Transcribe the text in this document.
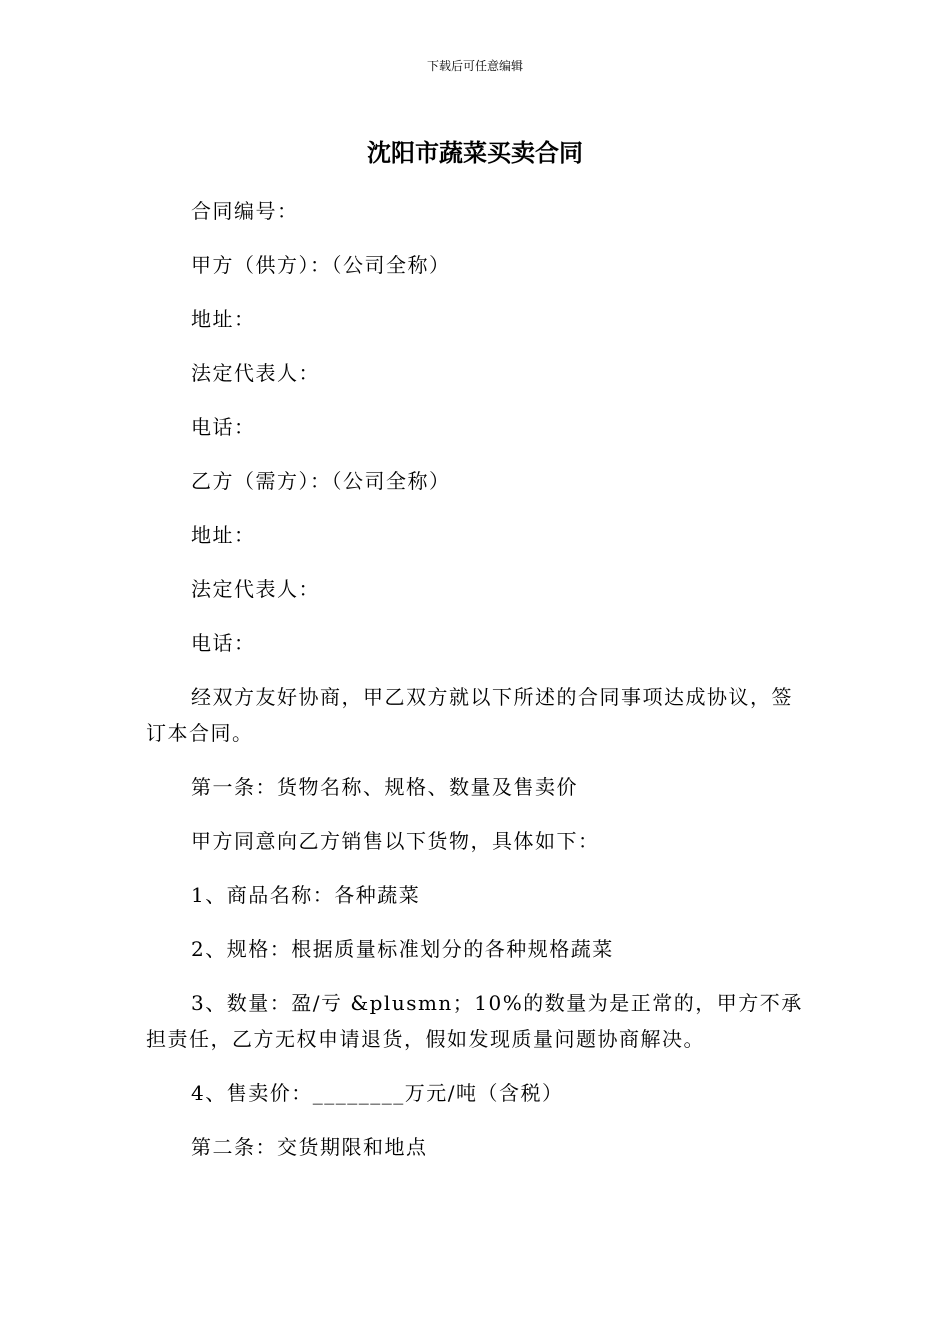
下载后可任意编辑
沈阳市蔬菜买卖合同

合同编号：

甲方（供方）：（公司全称）

地址：

法定代表人：

电话：

乙方（需方）：（公司全称）

地址：

法定代表人：

电话：

经双方友好协商，甲乙双方就以下所述的合同事项达成协议，签订本合同。

第一条：货物名称、规格、数量及售卖价

甲方同意向乙方销售以下货物，具体如下：

1、商品名称：各种蔬菜

2、规格：根据质量标准划分的各种规格蔬菜

3、数量：盈/亏 &plusmn；10%的数量为是正常的，甲方不承担责任，乙方无权申请退货，假如发现质量问题协商解决。

4、售卖价：________万元/吨（含税）

第二条：交货期限和地点
